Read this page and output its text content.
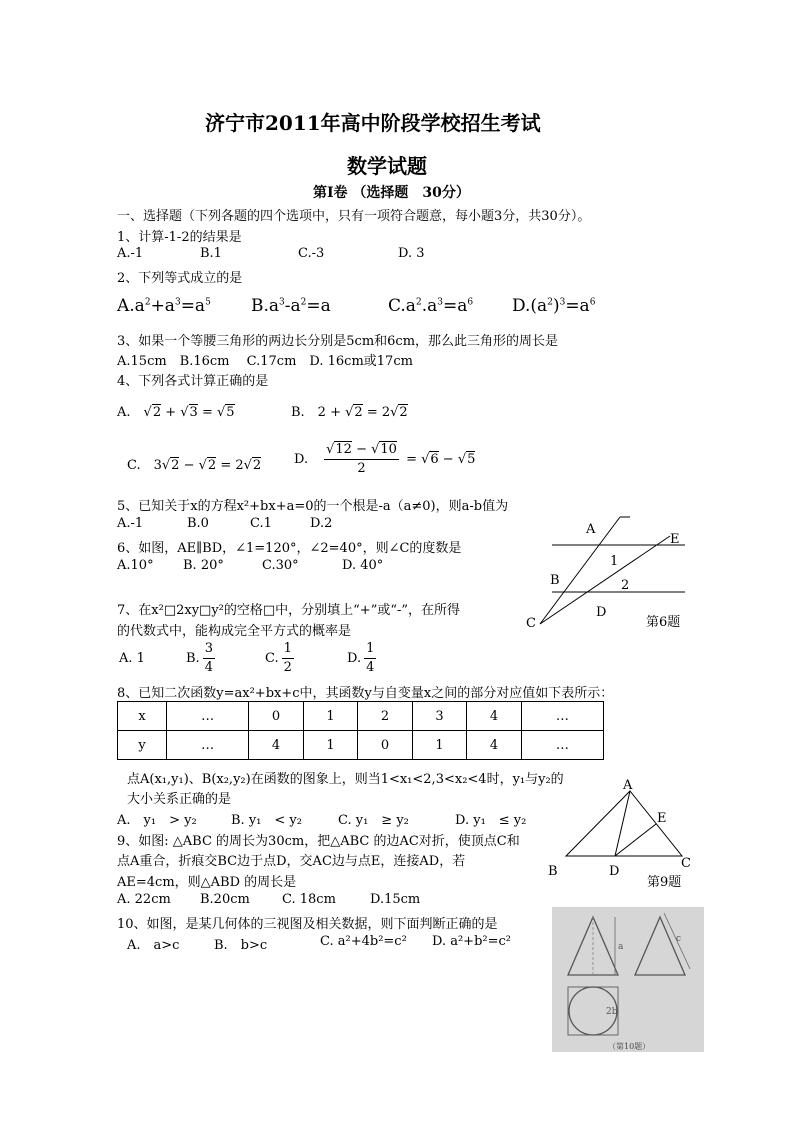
济宁市2011年高中阶段学校招生考试
数学试题
第Ⅰ卷 （选择题　30分）
一、选择题（下列各题的四个选项中，只有一项符合题意，每小题3分，共30分）。
1、计算-1-2的结果是
A.-1	B.1	C.-3	D. 3
2、下列等式成立的是
$A.a^2+a^3=a^5$ $B.a^3-a^2=a$	$C.a^2.a^3=a^6$ $D.(a^2)^3=a^6$
3、如果一个等腰三角形的两边长分别是5cm和6cm，那么此三角形的周长是
A.15cm　B.16cm　 C.17cm　D. 16cm或17cm
4、下列各式计算正确的是
A.　√2 + √3 = √5	B.　2 + √2 = 2√2
C.　3√2 − √2 = 2√2	D.　 $\frac{√12 - √10}{2} = √6 - √5$
5、已知关于x的方程x²+bx+a=0的一个根是-a（a≠0)，则a-b值为
A.-1	B.0	C.1	D.2
6、如图，AE∥BD，∠1=120°，∠2=40°，则∠C的度数是
A.10° B. 20°	C.30°	D. 40°
A
E
1
B	2
C
D
第6题
7、在x²□2xy□y²的空格□中，分别填上“+”或“-”，在所得
的代数式中，能构成完全平方式的概率是
A. 1	B. $\frac{3}{4}$	C. $\frac{1}{2}$	D. $\frac{1}{4}$
8、已知二次函数y=ax²+bx+c中，其函数y与自变量x之间的部分对应值如下表所示：
x	…	0	1	2	3	4	…
y	…	4	1	0	1	4	…
点A(x₁,y₁)、B(x₂,y₂)在函数的图象上，则当1<x₁<2,3<x₂<4时，y₁与y₂的
大小关系正确的是
A.　y₁　> y₂	B. y₁　< y₂	C. y₁　≥ y₂	D. y₁　≤ y₂
A
E
B	D
C
第9题
9、如图: △ABC 的周长为30cm，把△ABC 的边AC对折，使顶点C和
点A重合，折痕交BC边于点D，交AC边与点E，连接AD，若
AE=4cm，则△ABD 的周长是
A. 22cm B.20cm C. 18cm	D.15cm
10、如图，是某几何体的三视图及相关数据，则下面判断正确的是
A.　a>c	B.　b>c	C. a²+4b²=c² D. a²+b²=c²	a
c
2b
（第10题）
